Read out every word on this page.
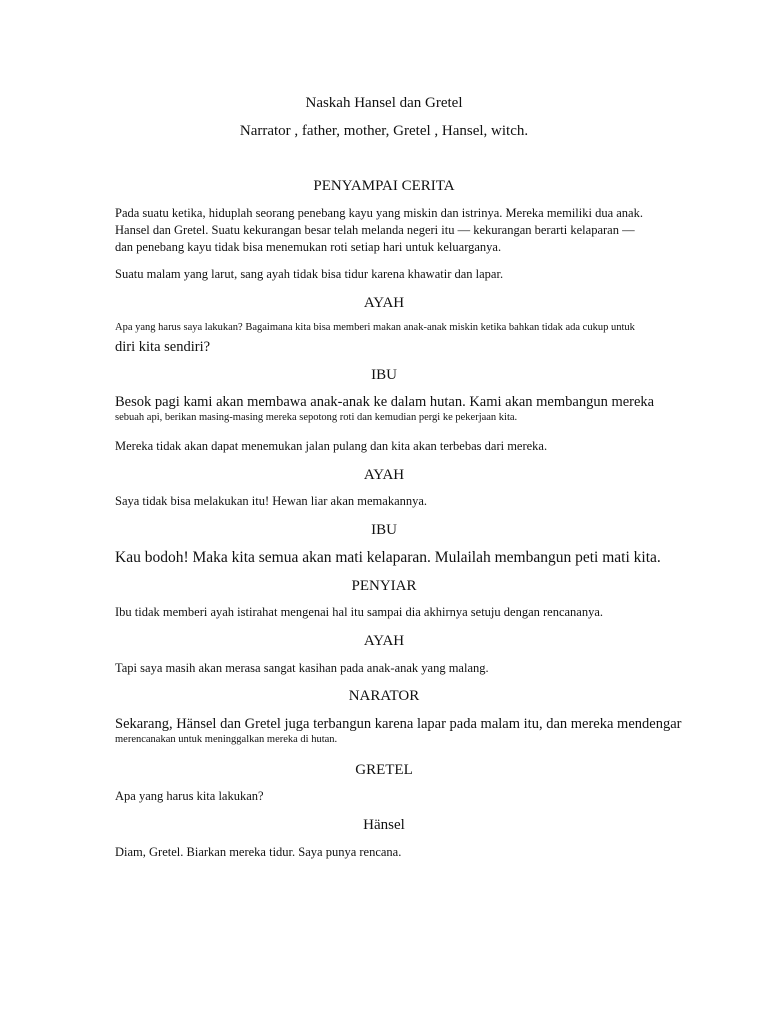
Naskah Hansel dan Gretel
Narrator , father, mother, Gretel , Hansel, witch.
PENYAMPAI CERITA
Pada suatu ketika, hiduplah seorang penebang kayu yang miskin dan istrinya. Mereka memiliki dua anak.
Hansel dan Gretel. Suatu kekurangan besar telah melanda negeri itu — kekurangan berarti kelaparan —
dan penebang kayu tidak bisa menemukan roti setiap hari untuk keluarganya.
Suatu malam yang larut, sang ayah tidak bisa tidur karena khawatir dan lapar.
AYAH
Apa yang harus saya lakukan? Bagaimana kita bisa memberi makan anak-anak miskin ketika bahkan tidak ada cukup untuk
diri kita sendiri?
IBU
Besok pagi kami akan membawa anak-anak ke dalam hutan. Kami akan membangun mereka
sebuah api, berikan masing-masing mereka sepotong roti dan kemudian pergi ke pekerjaan kita.
Mereka tidak akan dapat menemukan jalan pulang dan kita akan terbebas dari mereka.
AYAH
Saya tidak bisa melakukan itu! Hewan liar akan memakannya.
IBU
Kau bodoh! Maka kita semua akan mati kelaparan. Mulailah membangun peti mati kita.
PENYIAR
Ibu tidak memberi ayah istirahat mengenai hal itu sampai dia akhirnya setuju dengan rencananya.
AYAH
Tapi saya masih akan merasa sangat kasihan pada anak-anak yang malang.
NARATOR
Sekarang, Hänsel dan Gretel juga terbangun karena lapar pada malam itu, dan mereka mendengar
merencanakan untuk meninggalkan mereka di hutan.
GRETEL
Apa yang harus kita lakukan?
Hänsel
Diam, Gretel. Biarkan mereka tidur. Saya punya rencana.
